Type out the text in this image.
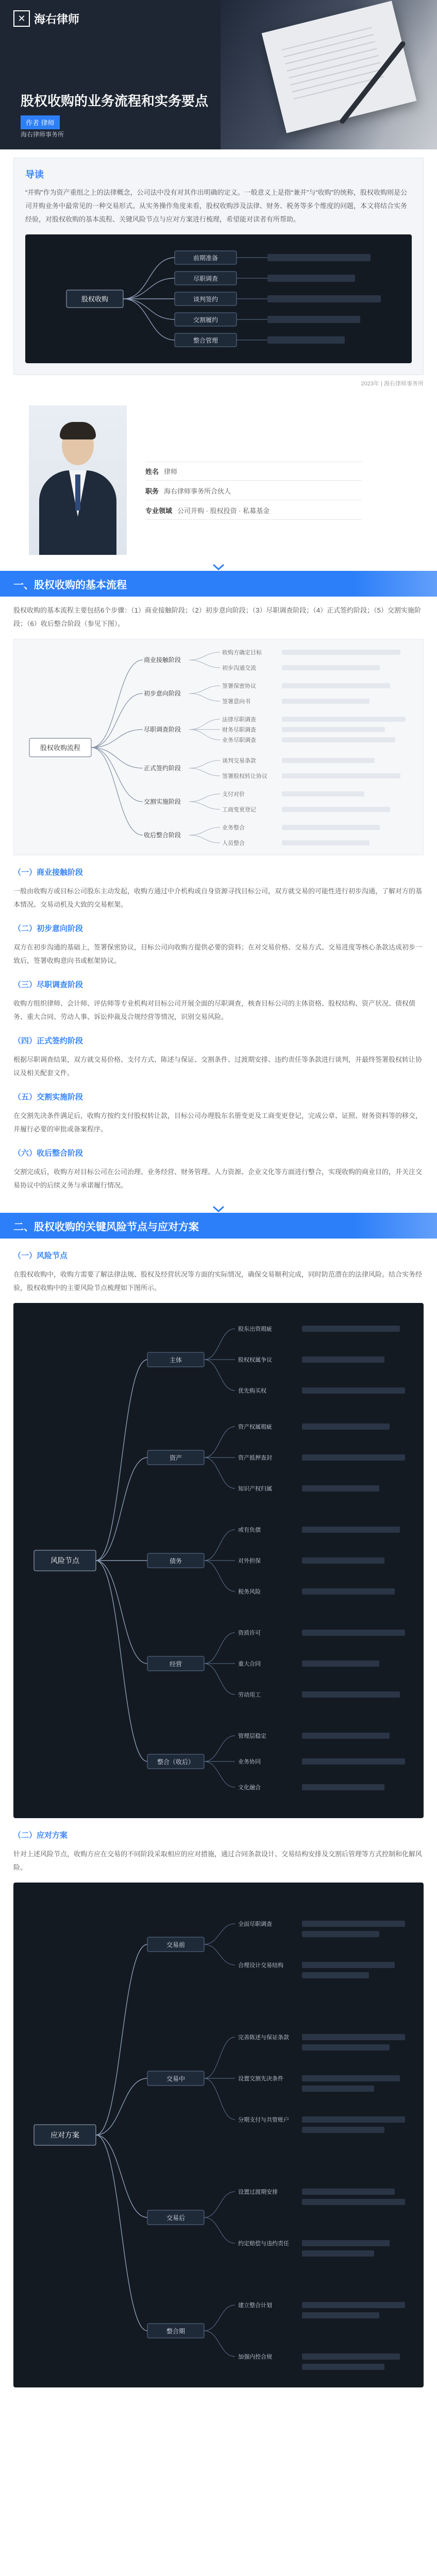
✕ 海右律师
股权收购的业务流程和实务要点
作者 律师
海右律师事务所
导读

“并购”作为资产重组之上的法律概念，公司法中没有对其作出明确的定义。一般意义上是指“兼并”与“收购”的统称，股权收购则是公司并购业务中最常见的一种交易形式。从实务操作角度来看，股权收购涉及法律、财务、税务等多个维度的问题，本文将结合实务经验，对股权收购的基本流程、关键风险节点与应对方案进行梳理，希望能对读者有所帮助。

股权收购
前期准备
尽职调查
谈判签约
交割履约
整合管理
2023年 | 海右律师事务所
姓名 律师
职务 海右律师事务所合伙人
专业领域 公司并购 · 股权投资 · 私募基金
一、股权收购的基本流程

股权收购的基本流程主要包括6个步骤：（1）商业接触阶段；（2）初步意向阶段；（3）尽职调查阶段；（4）正式签约阶段；（5）交割实施阶段；（6）收后整合阶段（参见下图）。

股权收购流程
商业接触阶段
收购方确定目标
初步沟通交流
初步意向阶段
签署保密协议
签署意向书
尽职调查阶段
法律尽职调查
财务尽职调查
业务尽职调查
正式签约阶段
谈判交易条款
签署股权转让协议
交割实施阶段
支付对价
工商变更登记
收后整合阶段
业务整合
人员整合
（一）商业接触阶段

一般由收购方或目标公司股东主动发起，收购方通过中介机构或自身资源寻找目标公司，双方就交易的可能性进行初步沟通，了解对方的基本情况、交易动机及大致的交易框架。

（二）初步意向阶段

双方在初步沟通的基础上，签署保密协议，目标公司向收购方提供必要的资料；在对交易价格、交易方式、交易进度等核心条款达成初步一致后，签署收购意向书或框架协议。

（三）尽职调查阶段

收购方组织律师、会计师、评估师等专业机构对目标公司开展全面的尽职调查，核查目标公司的主体资格、股权结构、资产状况、债权债务、重大合同、劳动人事、诉讼仲裁及合规经营等情况，识别交易风险。

（四）正式签约阶段

根据尽职调查结果，双方就交易价格、支付方式、陈述与保证、交割条件、过渡期安排、违约责任等条款进行谈判，并最终签署股权转让协议及相关配套文件。

（五）交割实施阶段

在交割先决条件满足后，收购方按约支付股权转让款，目标公司办理股东名册变更及工商变更登记，完成公章、证照、财务资料等的移交，并履行必要的审批或备案程序。

（六）收后整合阶段

交割完成后，收购方对目标公司在公司治理、业务经营、财务管理、人力资源、企业文化等方面进行整合，实现收购的商业目的，并关注交易协议中的后续义务与承诺履行情况。

二、股权收购的关键风险节点与应对方案
（一）风险节点

在股权收购中，收购方需要了解法律法规、股权及经营状况等方面的实际情况，确保交易顺利完成，同时防范潜在的法律风险。结合实务经验，股权收购中的主要风险节点梳理如下图所示。

风险节点
主体
股东出资瑕疵
股权权属争议
优先购买权
资产
资产权属瑕疵
资产抵押查封
知识产权归属
债务
或有负债
对外担保
税务风险
经营
资质许可
重大合同
劳动用工
整合（收后）
管理层稳定
业务协同
文化融合
（二）应对方案

针对上述风险节点，收购方应在交易的不同阶段采取相应的应对措施，通过合同条款设计、交易结构安排及交割后管理等方式控制和化解风险。

应对方案
交易前
全面尽职调查
合理设计交易结构
交易中
完善陈述与保证条款
设置交割先决条件
分期支付与共管账户
交易后
设置过渡期安排
约定赔偿与违约责任
整合期
建立整合计划
加强内控合规
